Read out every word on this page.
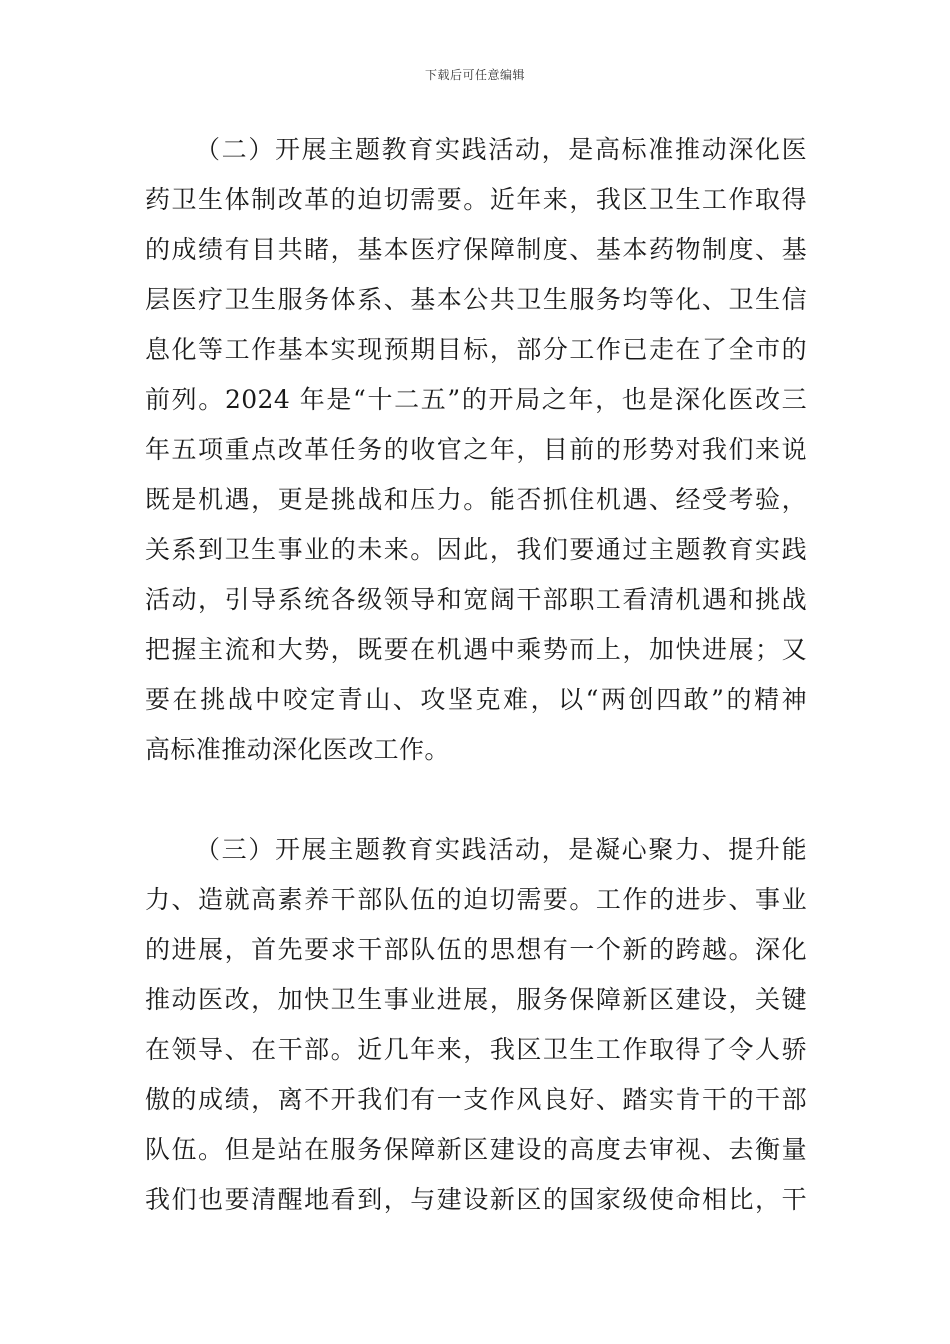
下载后可任意编辑
（二）开展主题教育实践活动，是高标准推动深化医
药卫生体制改革的迫切需要。近年来，我区卫生工作取得
的成绩有目共睹，基本医疗保障制度、基本药物制度、基
层医疗卫生服务体系、基本公共卫生服务均等化、卫生信
息化等工作基本实现预期目标，部分工作已走在了全市的
前列。2024 年是“十二五”的开局之年，也是深化医改三
年五项重点改革任务的收官之年，目前的形势对我们来说
既是机遇，更是挑战和压力。能否抓住机遇、经受考验，
关系到卫生事业的未来。因此，我们要通过主题教育实践
活动，引导系统各级领导和宽阔干部职工看清机遇和挑战
把握主流和大势，既要在机遇中乘势而上，加快进展；又
要在挑战中咬定青山、攻坚克难，以“两创四敢”的精神
高标准推动深化医改工作。
（三）开展主题教育实践活动，是凝心聚力、提升能
力、造就高素养干部队伍的迫切需要。工作的进步、事业
的进展，首先要求干部队伍的思想有一个新的跨越。深化
推动医改，加快卫生事业进展，服务保障新区建设，关键
在领导、在干部。近几年来，我区卫生工作取得了令人骄
傲的成绩，离不开我们有一支作风良好、踏实肯干的干部
队伍。但是站在服务保障新区建设的高度去审视、去衡量
我们也要清醒地看到，与建设新区的国家级使命相比，干
